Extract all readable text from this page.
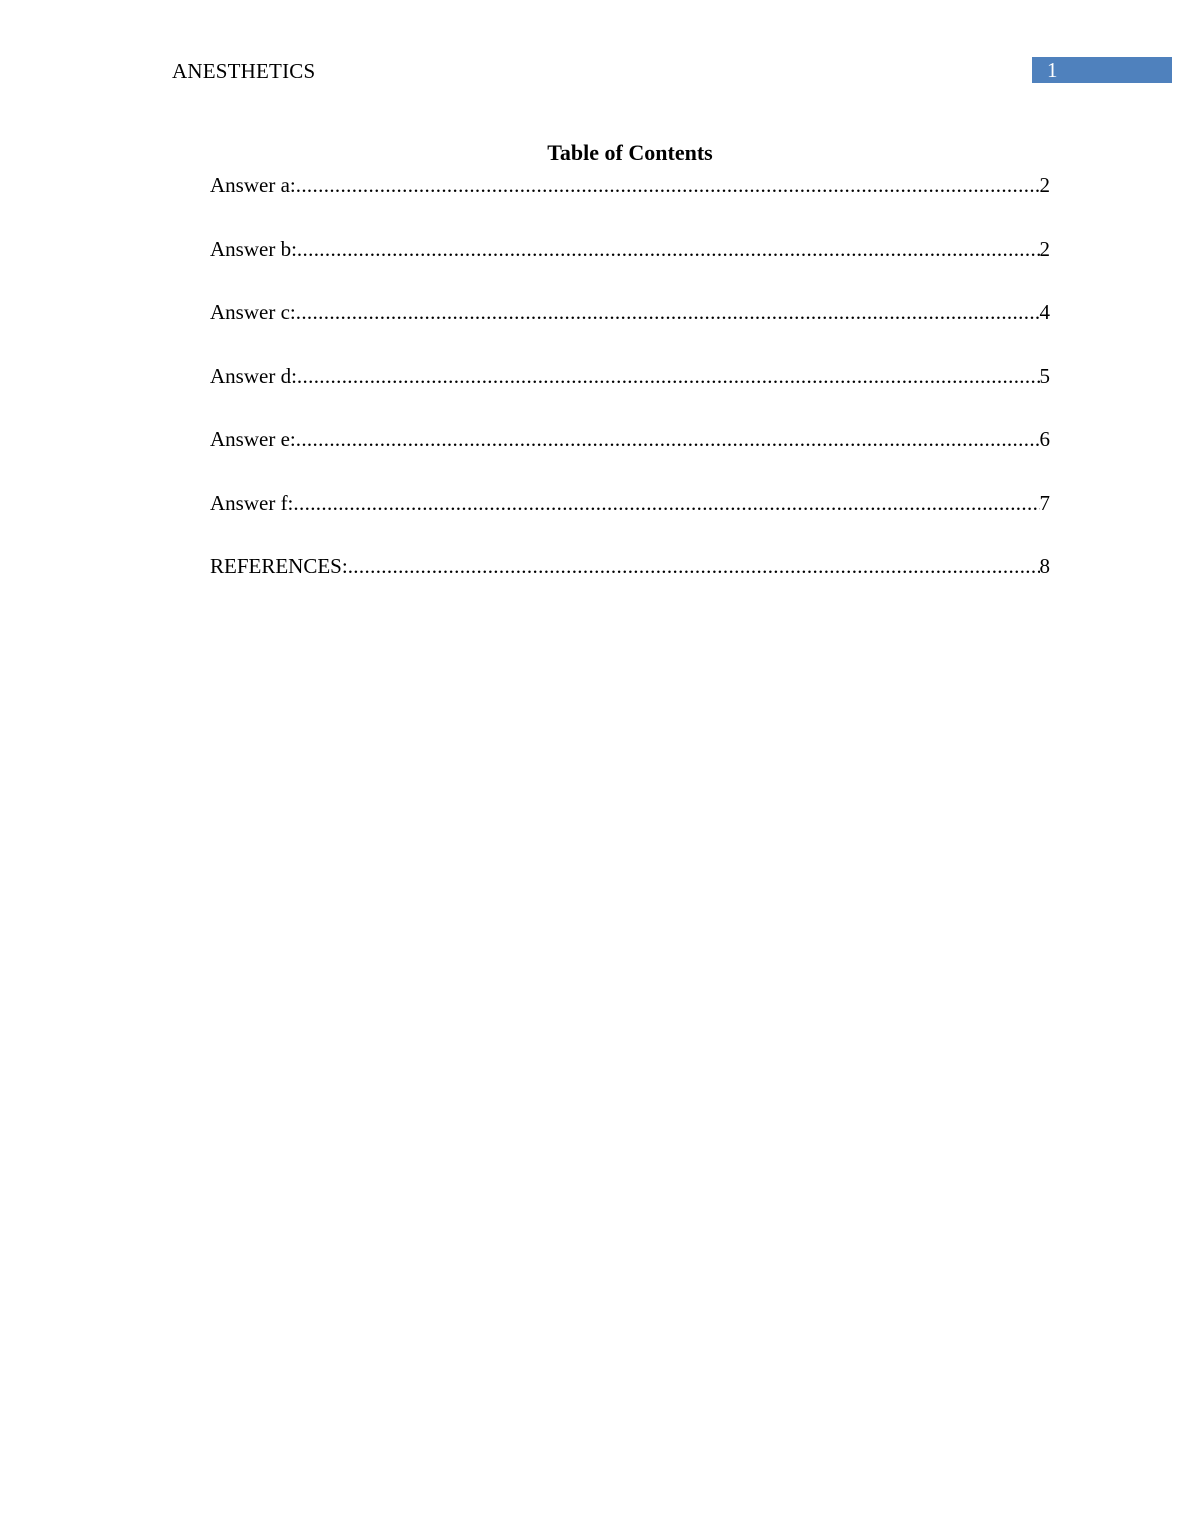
ANESTHETICS	1
Table of Contents
Answer a: .....	2
Answer b: .....	2
Answer c: .....	4
Answer d: .....	5
Answer e: .....	6
Answer f: .....	7
REFERENCES: .....	8
